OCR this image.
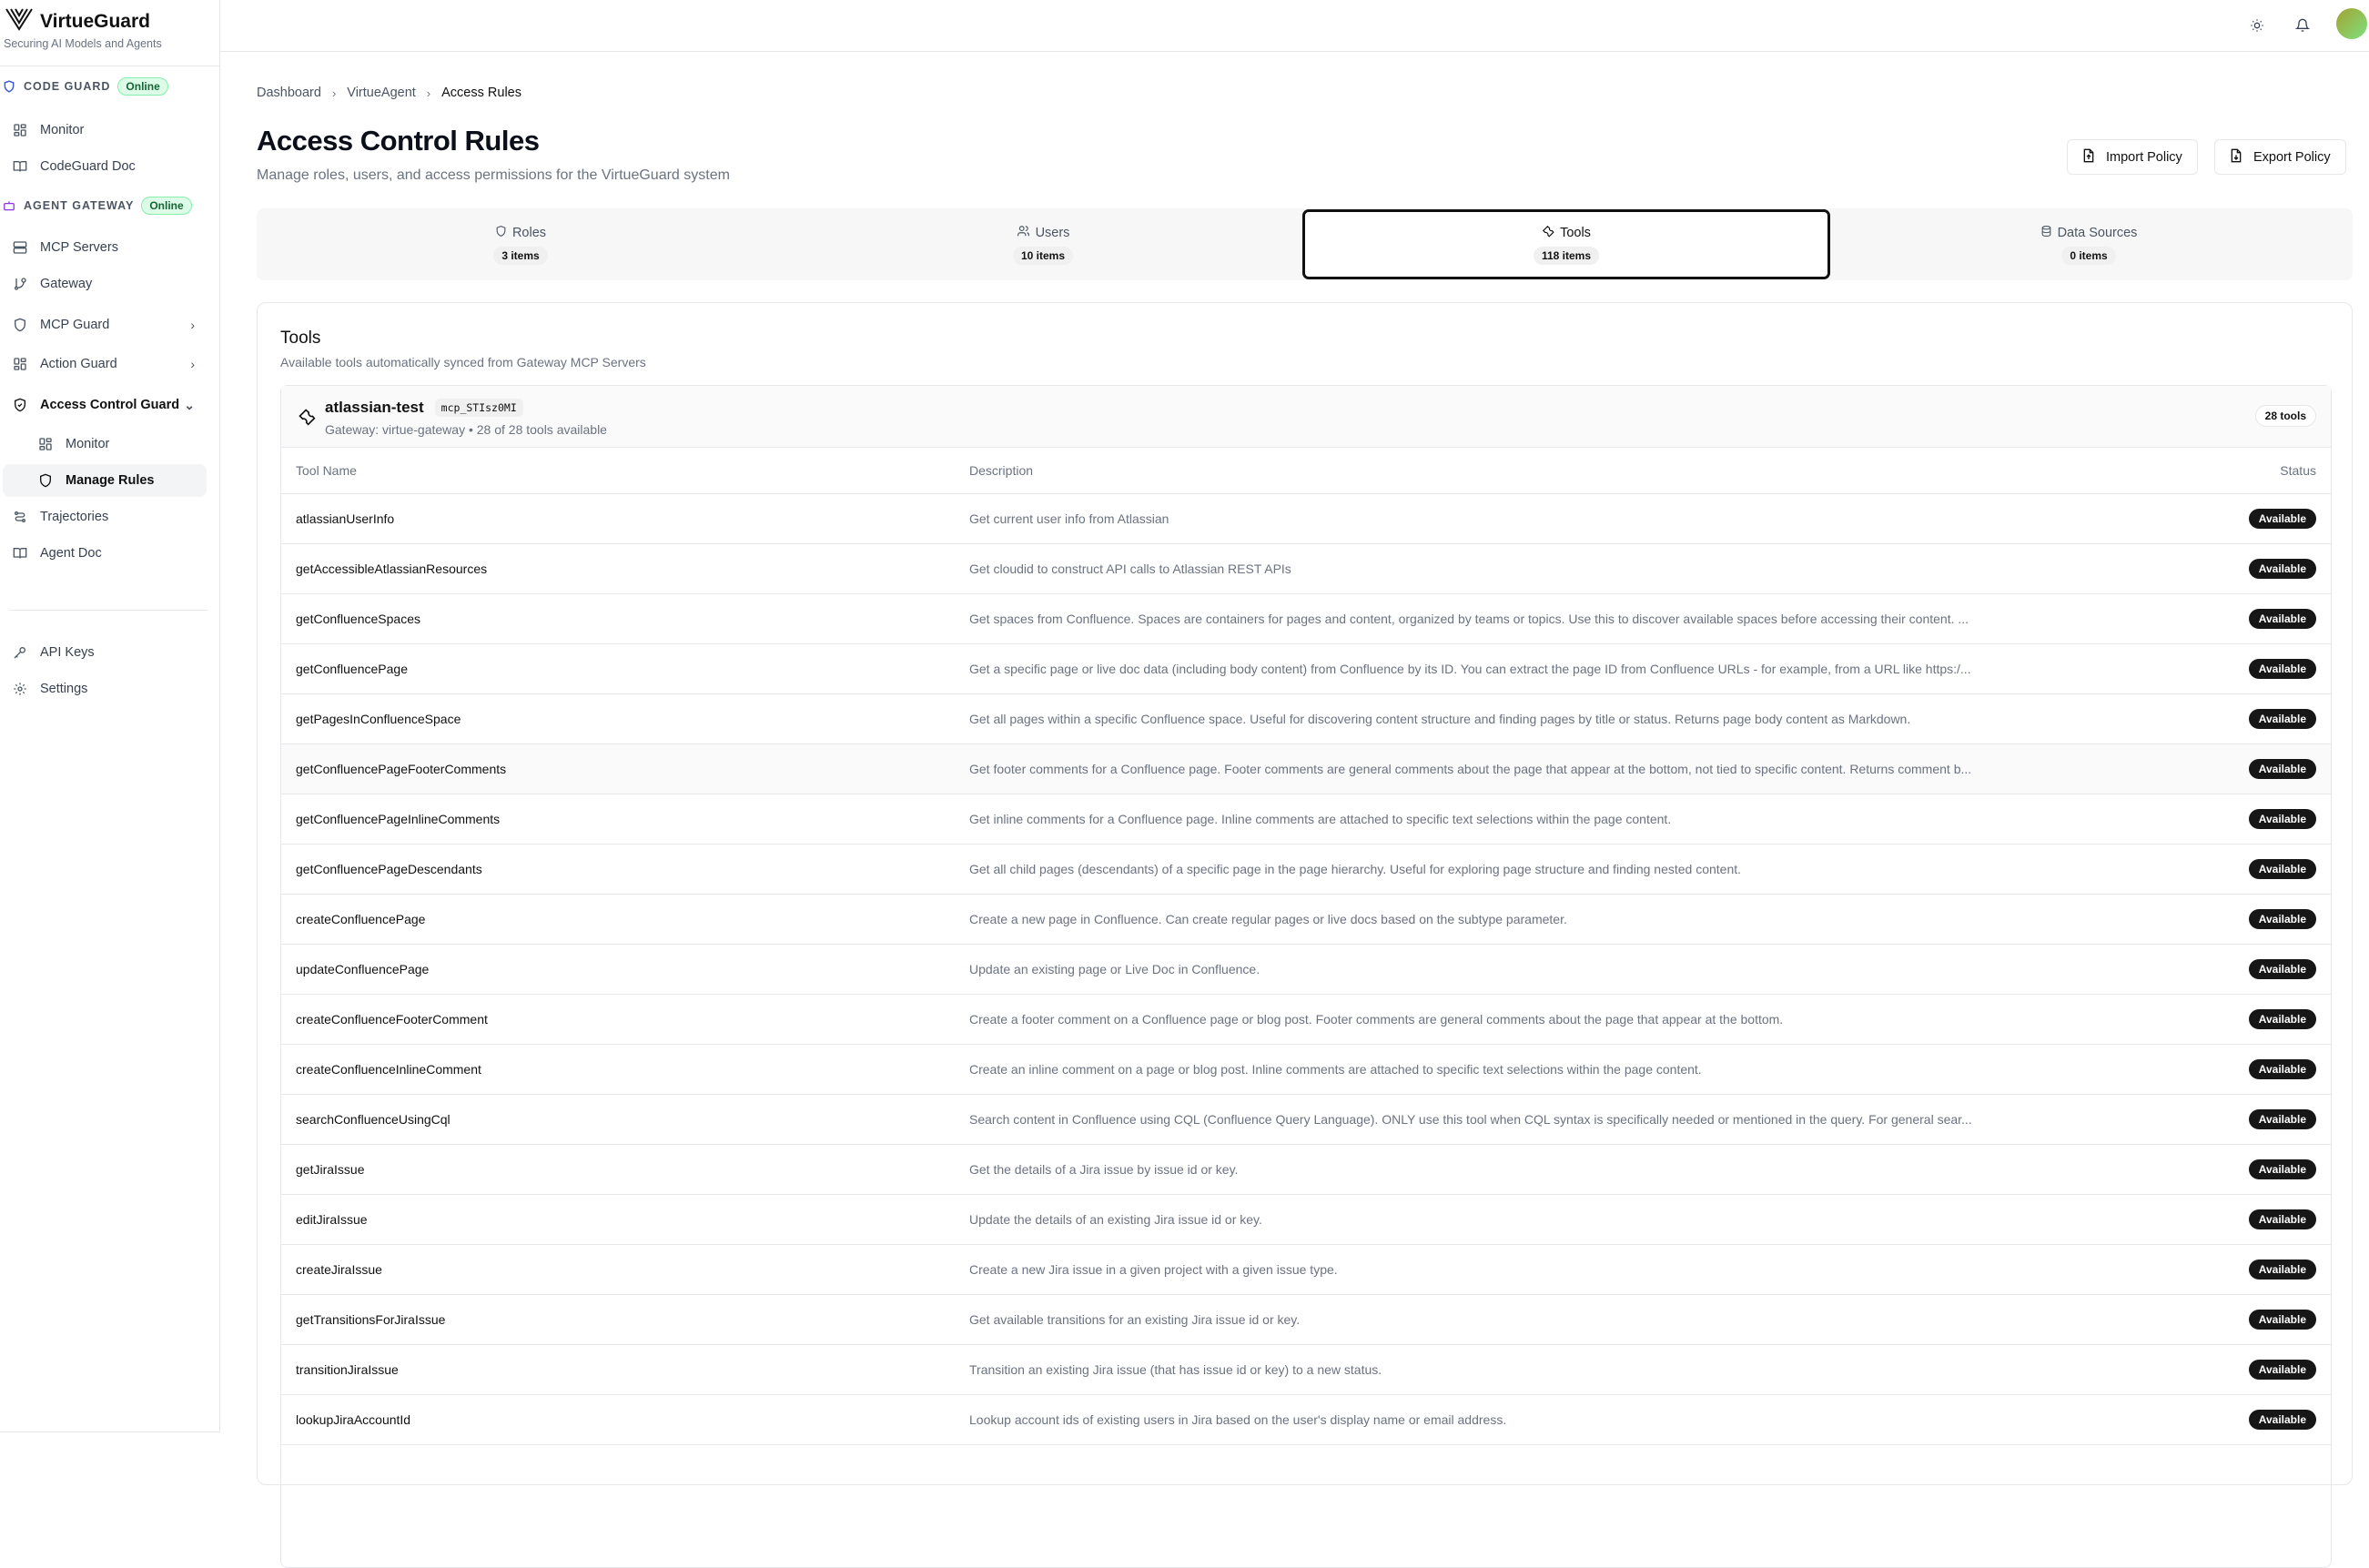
VirtueGuard
Securing AI Models and Agents
CODE GUARD	Online
Monitor
CodeGuard Doc
AGENT GATEWAY	Online
MCP Servers
Gateway
MCP Guard	›
Action Guard	›
Access Control Guard ⌄
Monitor
Manage Rules
Trajectories
Agent Doc
API Keys
Settings
Dashboard › VirtueAgent › Access Rules
Access Control Rules
Manage roles, users, and access permissions for the VirtueGuard system
Import Policy	Export Policy
Roles
3 items
Users
10 items
Tools
118 items
Data Sources
0 items
Tools
Available tools automatically synced from Gateway MCP Servers
atlassian-test	mcp_STIsz0MI
Gateway: virtue-gateway • 28 of 28 tools available
28 tools
Tool Name	Description	Status
atlassianUserInfo	Get current user info from Atlassian	Available
getAccessibleAtlassianResources	Get cloudid to construct API calls to Atlassian REST APIs	Available
getConfluenceSpaces	Get spaces from Confluence. Spaces are containers for pages and content, organized by teams or topics. Use this to discover available spaces before accessing their content. ...	Available
getConfluencePage	Get a specific page or live doc data (including body content) from Confluence by its ID. You can extract the page ID from Confluence URLs - for example, from a URL like https:/...	Available
getPagesInConfluenceSpace	Get all pages within a specific Confluence space. Useful for discovering content structure and finding pages by title or status. Returns page body content as Markdown.	Available
getConfluencePageFooterComments	Get footer comments for a Confluence page. Footer comments are general comments about the page that appear at the bottom, not tied to specific content. Returns comment b...	Available
getConfluencePageInlineComments	Get inline comments for a Confluence page. Inline comments are attached to specific text selections within the page content.	Available
getConfluencePageDescendants	Get all child pages (descendants) of a specific page in the page hierarchy. Useful for exploring page structure and finding nested content.	Available
createConfluencePage	Create a new page in Confluence. Can create regular pages or live docs based on the subtype parameter.	Available
updateConfluencePage	Update an existing page or Live Doc in Confluence.	Available
createConfluenceFooterComment	Create a footer comment on a Confluence page or blog post. Footer comments are general comments about the page that appear at the bottom.	Available
createConfluenceInlineComment	Create an inline comment on a page or blog post. Inline comments are attached to specific text selections within the page content.	Available
searchConfluenceUsingCql	Search content in Confluence using CQL (Confluence Query Language). ONLY use this tool when CQL syntax is specifically needed or mentioned in the query. For general sear...	Available
getJiraIssue	Get the details of a Jira issue by issue id or key.	Available
editJiraIssue	Update the details of an existing Jira issue id or key.	Available
createJiraIssue	Create a new Jira issue in a given project with a given issue type.	Available
getTransitionsForJiraIssue	Get available transitions for an existing Jira issue id or key.	Available
transitionJiraIssue	Transition an existing Jira issue (that has issue id or key) to a new status.	Available
lookupJiraAccountId	Lookup account ids of existing users in Jira based on the user's display name or email address.	Available
